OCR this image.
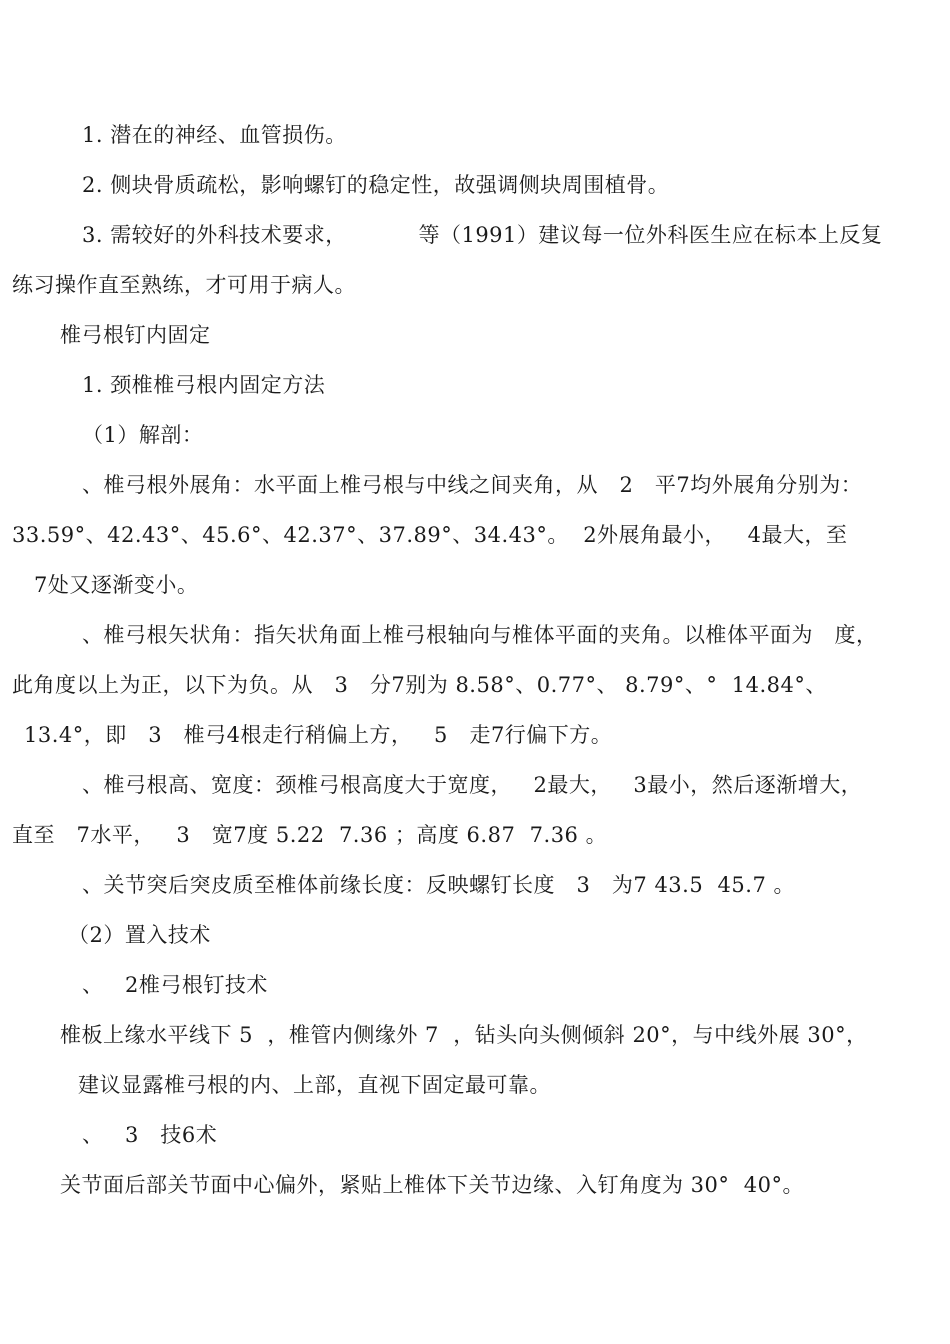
1. 潜在的神经、血管损伤。
2. 侧块骨质疏松，影响螺钉的稳定性，故强调侧块周围植骨。
3. 需较好的外科技术要求，          等（1991）建议每一位外科医生应在标本上反复
练习操作直至熟练，才可用于病人。
椎弓根钉内固定
1. 颈椎椎弓根内固定方法
（1）解剖：
、椎弓根外展角：水平面上椎弓根与中线之间夹角，从   2   平7均外展角分别为：
33.59°、42.43°、45.6°、42.37°、37.89°、34.43°。  2外展角最小，   4最大，至
7处又逐渐变小。
、椎弓根矢状角：指矢状角面上椎弓根轴向与椎体平面的夹角。以椎体平面为   度，
此角度以上为正，以下为负。从   3   分7别为 8.58°、0.77°、 8.79°、°  14.84°、
13.4°，即   3   椎弓4根走行稍偏上方，   5   走7行偏下方。
、椎弓根高、宽度：颈椎弓根高度大于宽度，   2最大，   3最小，然后逐渐增大，
直至   7水平，   3   宽7度 5.22  7.36 ；高度 6.87  7.36 。
、关节突后突皮质至椎体前缘长度：反映螺钉长度   3   为7 43.5  45.7 。
（2）置入技术
、   2椎弓根钉技术
椎板上缘水平线下 5  ，椎管内侧缘外 7  ，钻头向头侧倾斜 20°，与中线外展 30°，
建议显露椎弓根的内、上部，直视下固定最可靠。
、   3   技6术
关节面后部关节面中心偏外，紧贴上椎体下关节边缘、入钉角度为 30°  40°。
